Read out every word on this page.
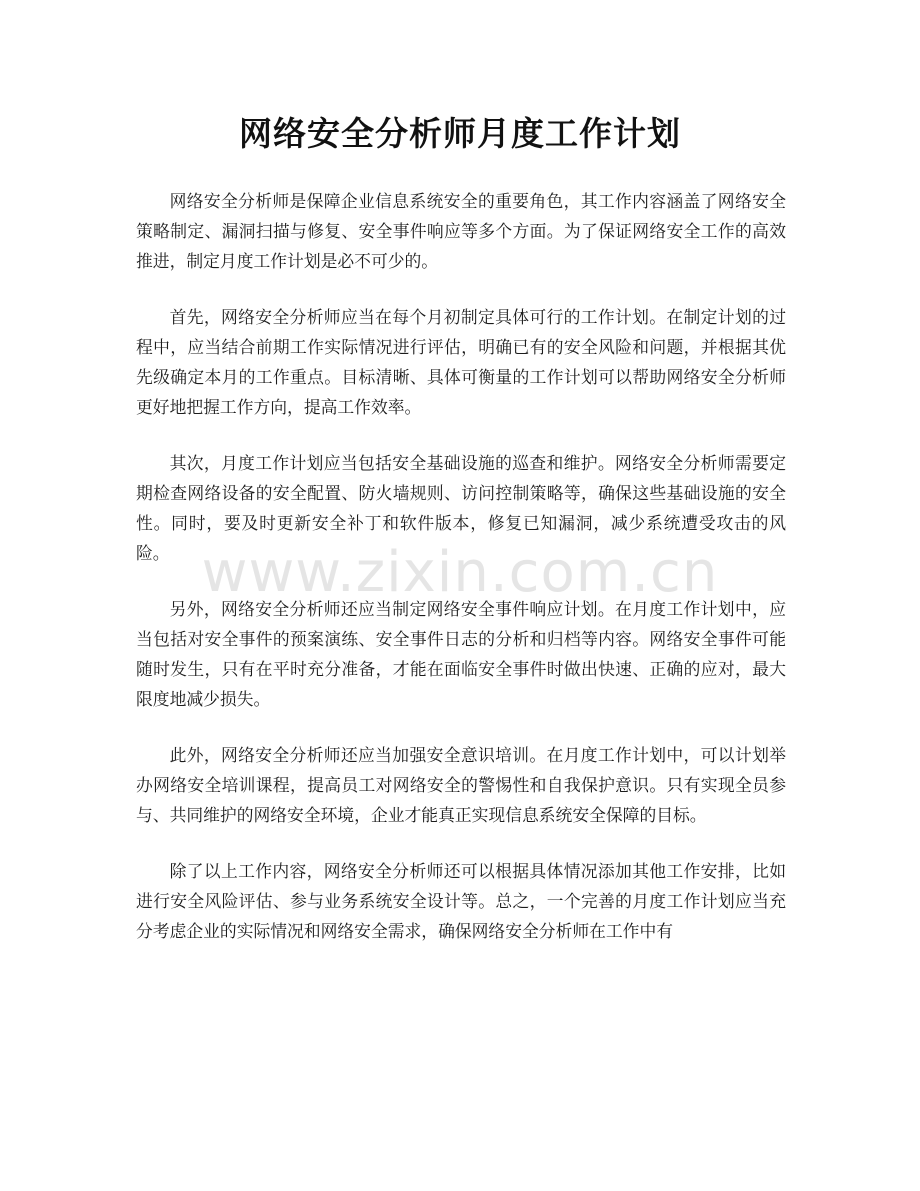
网络安全分析师月度工作计划

网络安全分析师是保障企业信息系统安全的重要角色，其工作内容涵盖了网络安全策略制定、漏洞扫描与修复、安全事件响应等多个方面。为了保证网络安全工作的高效推进，制定月度工作计划是必不可少的。

首先，网络安全分析师应当在每个月初制定具体可行的工作计划。在制定计划的过程中，应当结合前期工作实际情况进行评估，明确已有的安全风险和问题，并根据其优先级确定本月的工作重点。目标清晰、具体可衡量的工作计划可以帮助网络安全分析师更好地把握工作方向，提高工作效率。

其次，月度工作计划应当包括安全基础设施的巡查和维护。网络安全分析师需要定期检查网络设备的安全配置、防火墙规则、访问控制策略等，确保这些基础设施的安全性。同时，要及时更新安全补丁和软件版本，修复已知漏洞，减少系统遭受攻击的风险。

另外，网络安全分析师还应当制定网络安全事件响应计划。在月度工作计划中，应当包括对安全事件的预案演练、安全事件日志的分析和归档等内容。网络安全事件可能随时发生，只有在平时充分准备，才能在面临安全事件时做出快速、正确的应对，最大限度地减少损失。

此外，网络安全分析师还应当加强安全意识培训。在月度工作计划中，可以计划举办网络安全培训课程，提高员工对网络安全的警惕性和自我保护意识。只有实现全员参与、共同维护的网络安全环境，企业才能真正实现信息系统安全保障的目标。

除了以上工作内容，网络安全分析师还可以根据具体情况添加其他工作安排，比如进行安全风险评估、参与业务系统安全设计等。总之，一个完善的月度工作计划应当充分考虑企业的实际情况和网络安全需求，确保网络安全分析师在工作中有

www.zixin.com.cn
